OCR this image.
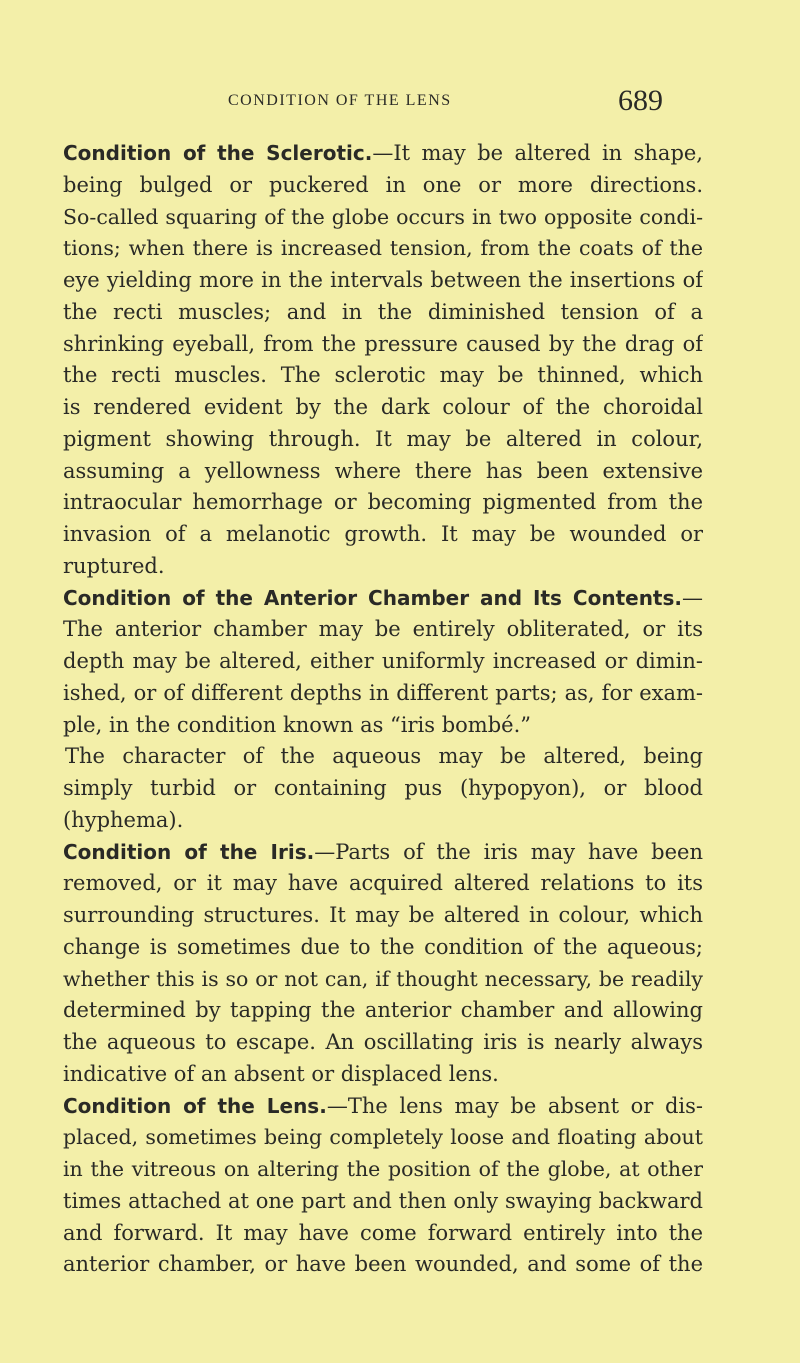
CONDITION OF THE LENS	689
Condition of the Sclerotic.—It may be altered in shape,
being bulged or puckered in one or more directions.
So-called squaring of the globe occurs in two opposite condi-
tions; when there is increased tension, from the coats of the
eye yielding more in the intervals between the insertions of
the recti muscles; and in the diminished tension of a
shrinking eyeball, from the pressure caused by the drag of
the recti muscles. The sclerotic may be thinned, which
is rendered evident by the dark colour of the choroidal
pigment showing through. It may be altered in colour,
assuming a yellowness where there has been extensive
intraocular hemorrhage or becoming pigmented from the
invasion of a melanotic growth. It may be wounded or
ruptured.
Condition of the Anterior Chamber and Its Contents.—
The anterior chamber may be entirely obliterated, or its
depth may be altered, either uniformly increased or dimin-
ished, or of different depths in different parts; as, for exam-
ple, in the condition known as “iris bombé.”
The character of the aqueous may be altered, being
simply turbid or containing pus (hypopyon), or blood
(hyphema).
Condition of the Iris.—Parts of the iris may have been
removed, or it may have acquired altered relations to its
surrounding structures. It may be altered in colour, which
change is sometimes due to the condition of the aqueous;
whether this is so or not can, if thought necessary, be readily
determined by tapping the anterior chamber and allowing
the aqueous to escape. An oscillating iris is nearly always
indicative of an absent or displaced lens.
Condition of the Lens.—The lens may be absent or dis-
placed, sometimes being completely loose and floating about
in the vitreous on altering the position of the globe, at other
times attached at one part and then only swaying backward
and forward. It may have come forward entirely into the
anterior chamber, or have been wounded, and some of the
